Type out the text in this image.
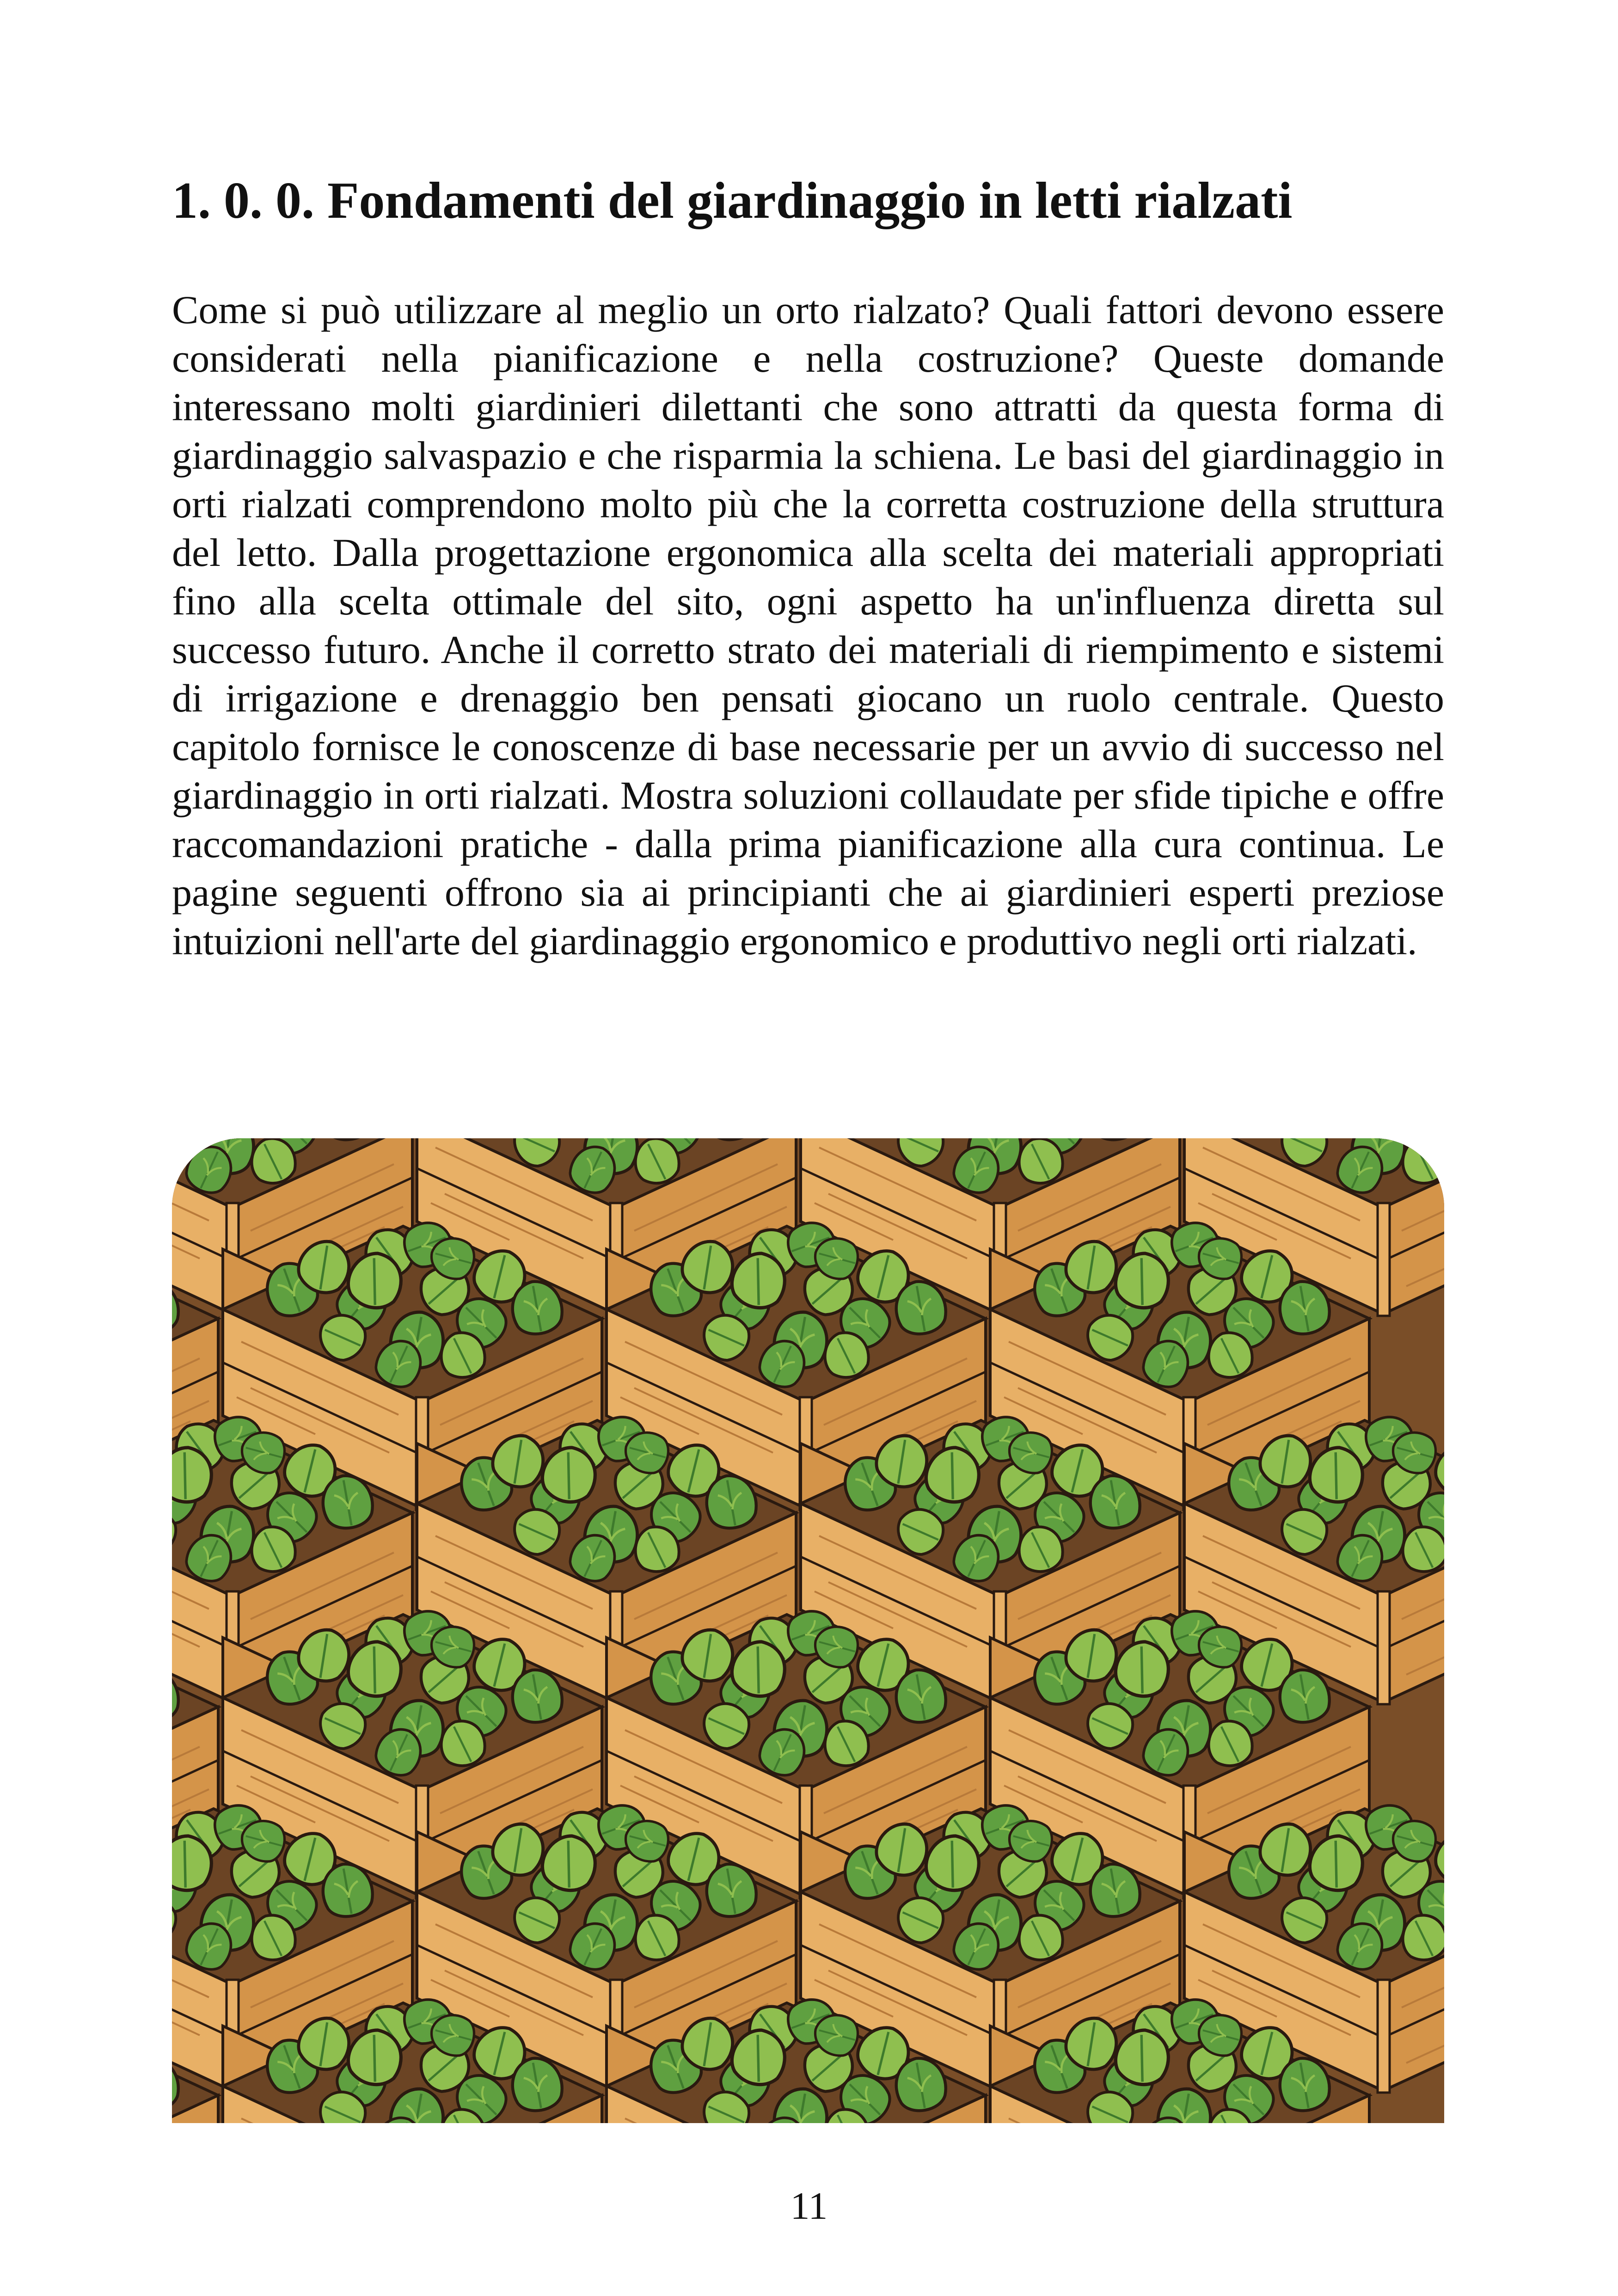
1. 0. 0. Fondamenti del giardinaggio in letti rialzati

Come si può utilizzare al meglio un orto rialzato? Quali fattori devono essere considerati nella pianificazione e nella costruzione? Queste domande interessano molti giardinieri dilettanti che sono attratti da questa forma di giardinaggio salvaspazio e che risparmia la schiena. Le basi del giardinaggio in orti rialzati comprendono molto più che la corretta costruzione della struttura del letto. Dalla progettazione ergonomica alla scelta dei materiali appropriati fino alla scelta ottimale del sito, ogni aspetto ha un'influenza diretta sul successo futuro. Anche il corretto strato dei materiali di riempimento e sistemi di irrigazione e drenaggio ben pensati giocano un ruolo centrale. Questo capitolo fornisce le conoscenze di base necessarie per un avvio di successo nel giardinaggio in orti rialzati. Mostra soluzioni collaudate per sfide tipiche e offre raccomandazioni pratiche - dalla prima pianificazione alla cura continua. Le pagine seguenti offrono sia ai principianti che ai giardinieri esperti preziose intuizioni nell'arte del giardinaggio ergonomico e produttivo negli orti rialzati.

11
